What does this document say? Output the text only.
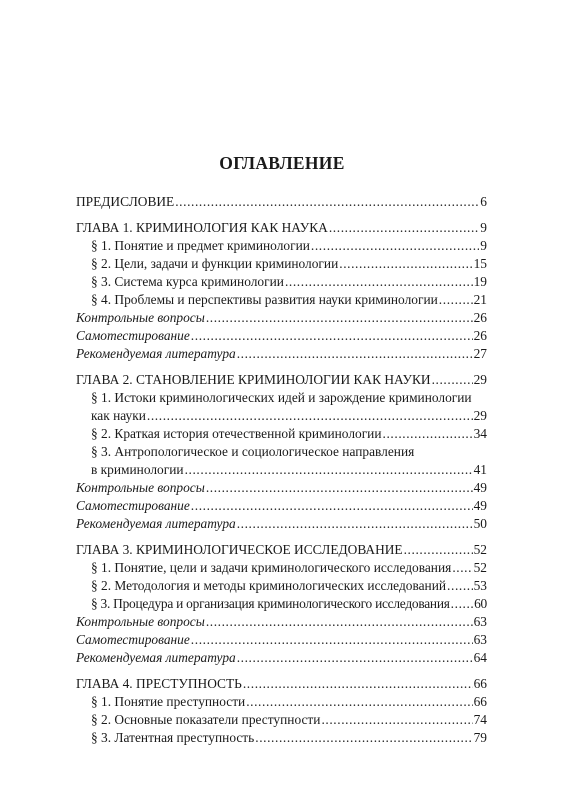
ОГЛАВЛЕНИЕ
ПРЕДИСЛОВИЕ .....	6
ГЛАВА 1. КРИМИНОЛОГИЯ КАК НАУКА .....	9
§ 1. Понятие и предмет криминологии .....	9
§ 2. Цели, задачи и функции криминологии .....	15
§ 3. Система курса криминологии .....	19
§ 4. Проблемы и перспективы развития науки криминологии .....	21
Контрольные вопросы .....	26
Самотестирование .....	26
Рекомендуемая литература .....	27
ГЛАВА 2. СТАНОВЛЕНИЕ КРИМИНОЛОГИИ КАК НАУКИ .....	29
§ 1. Истоки криминологических идей и зарождение криминологии
как науки .....	29
§ 2. Краткая история отечественной криминологии .....	34
§ 3. Антропологическое и социологическое направления
в криминологии .....	41
Контрольные вопросы .....	49
Самотестирование .....	49
Рекомендуемая литература .....	50
ГЛАВА 3. КРИМИНОЛОГИЧЕСКОЕ ИССЛЕДОВАНИЕ .....	52
§ 1. Понятие, цели и задачи криминологического исследования ..... 52
§ 2. Методология и методы криминологических исследований ..... 53
§ 3. Процедура и организация криминологического исследования ..... 60
Контрольные вопросы .....	63
Самотестирование .....	63
Рекомендуемая литература .....	64
ГЛАВА 4. ПРЕСТУПНОСТЬ .....	66
§ 1. Понятие преступности .....	66
§ 2. Основные показатели преступности .....	74
§ 3. Латентная преступность .....	79
